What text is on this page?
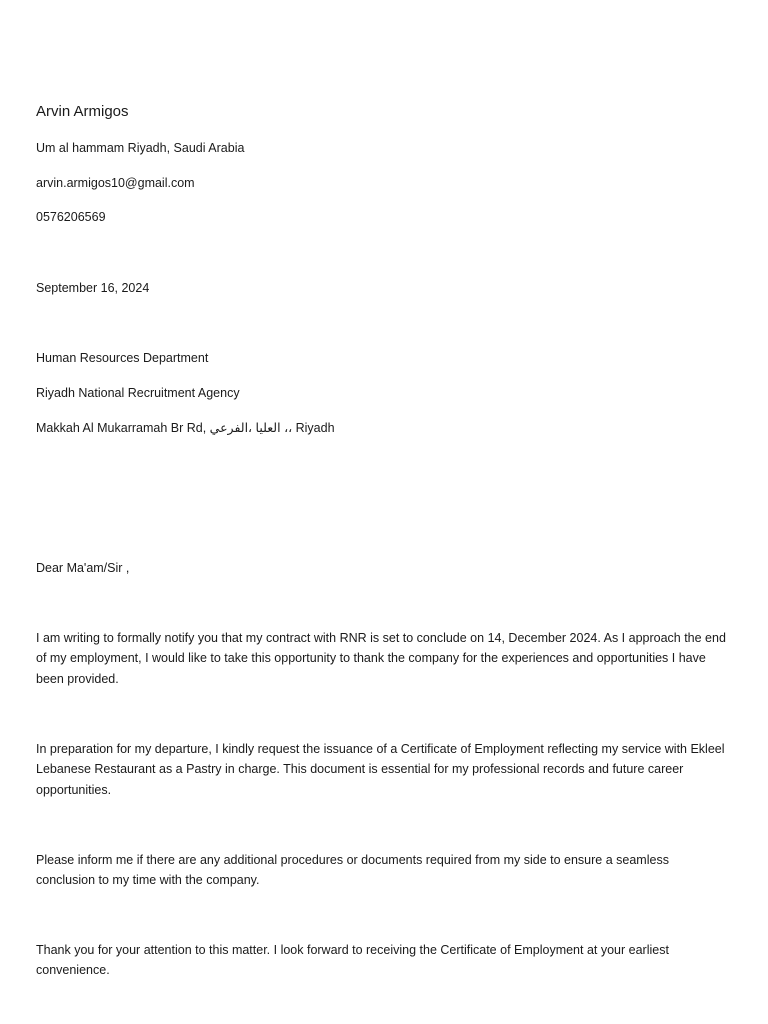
Arvin Armigos
Um al hammam Riyadh, Saudi Arabia
arvin.armigos10@gmail.com
0576206569
September 16, 2024
Human Resources Department
Riyadh National Recruitment Agency
Makkah Al Mukarramah Br Rd, العليا ،الفرعي ،، Riyadh
Dear Ma'am/Sir ,
I am writing to formally notify you that my contract with RNR is set to conclude on 14, December 2024. As I approach the end of my employment, I would like to take this opportunity to thank the company for the experiences and opportunities I have been provided.
In preparation for my departure, I kindly request the issuance of a Certificate of Employment reflecting my service with Ekleel Lebanese Restaurant as a Pastry in charge. This document is essential for my professional records and future career opportunities.
Please inform me if there are any additional procedures or documents required from my side to ensure a seamless conclusion to my time with the company.
Thank you for your attention to this matter. I look forward to receiving the Certificate of Employment at your earliest convenience.
